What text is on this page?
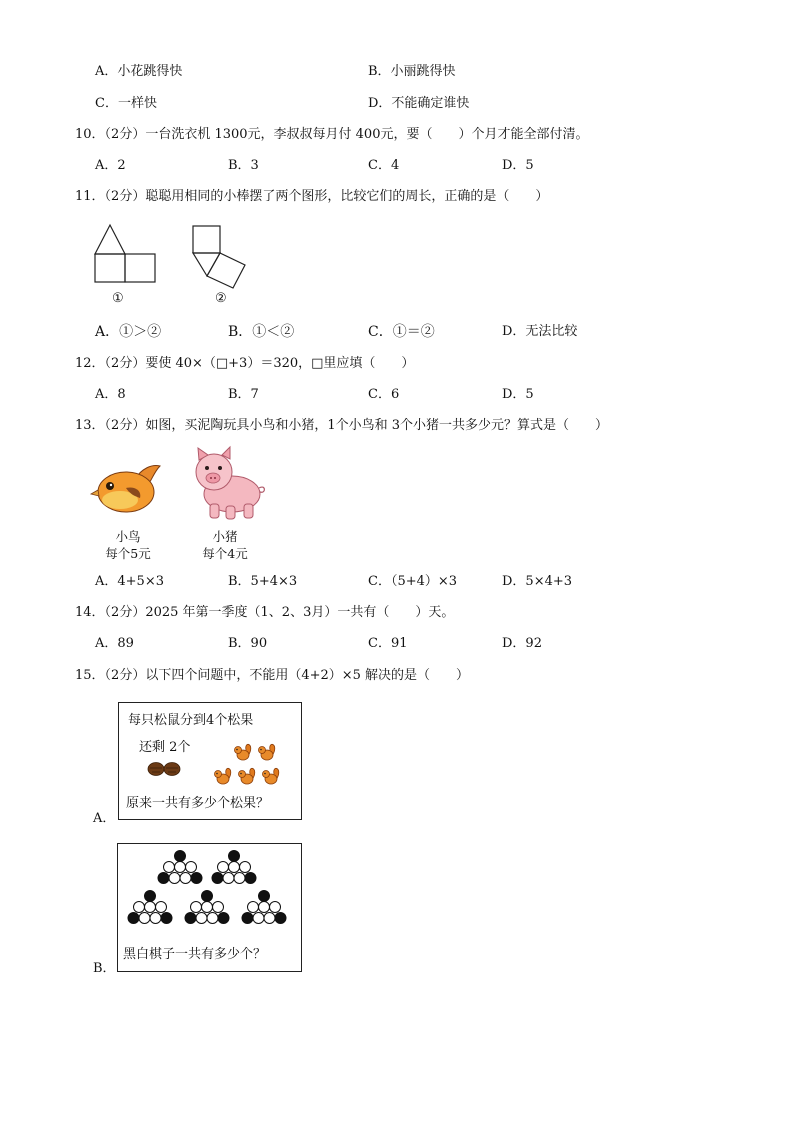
A．小花跳得快	B．小丽跳得快
C．一样快	D．不能确定谁快
10．（2分）一台洗衣机 1300元，李叔叔每月付 400元，要（　　）个月才能全部付清。
A．2	B．3	C．4	D．5
11．（2分）聪聪用相同的小棒摆了两个图形，比较它们的周长，正确的是（　　）
①	②
A．①＞②	B．①＜②	C．①＝②	D．无法比较
12．（2分）要使 40×（□+3）＝320，□里应填（　　）
A．8	B．7	C．6	D．5
13．（2分）如图，买泥陶玩具小鸟和小猪，1个小鸟和 3个小猪一共多少元？算式是（　　）
小鸟
每个5元
小猪
每个4元
A．4+5×3	B．5+4×3	C．（5+4）×3	D．5×4+3
14．（2分）2025 年第一季度（1、2、3月）一共有（　　）天。
A．89	B．90	C．91	D．92
15．（2分）以下四个问题中，不能用（4+2）×5 解决的是（　　）
每只松鼠分到4个松果
还剩 2个
原来一共有多少个松果？
A．
黑白棋子一共有多少个？
B．
